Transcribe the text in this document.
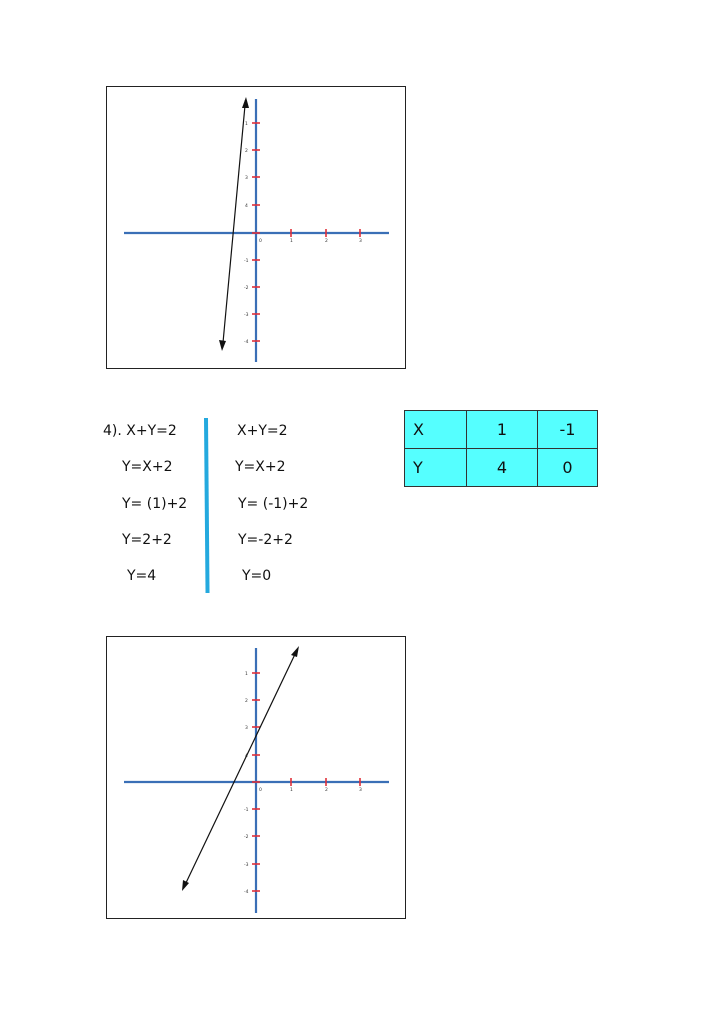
0	1	2	3
1
2
3
4
-1
-2
-3
-4
4). X+Y=2
Y=X+2
Y= (1)+2
Y=2+2
Y=4
X+Y=2
Y=X+2
Y= (-1)+2
Y=-2+2
Y=0
X	1	-1
Y	4	0
0	1	2	3
1
2
3
-1
-2
-3
-4
